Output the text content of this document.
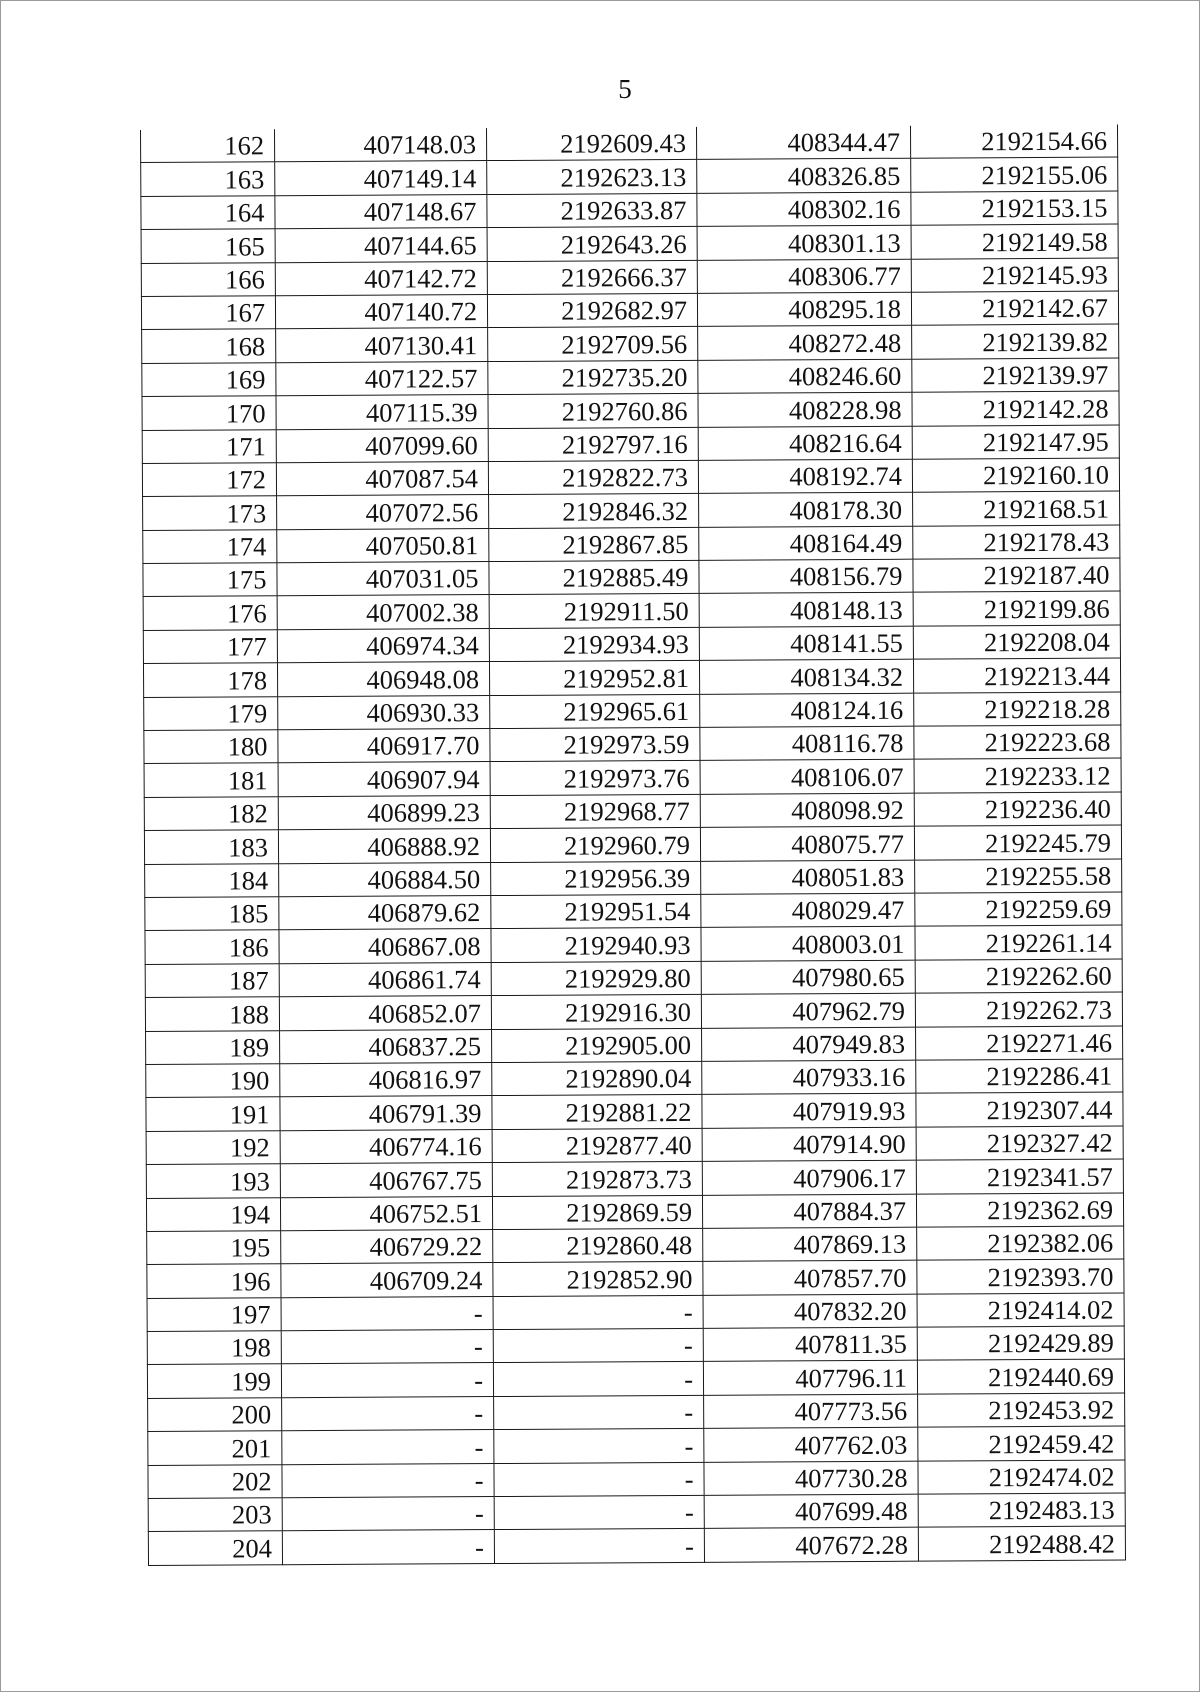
5
162	407148.03	2192609.43	408344.47	2192154.66
163	407149.14	2192623.13	408326.85	2192155.06
164	407148.67	2192633.87	408302.16	2192153.15
165	407144.65	2192643.26	408301.13	2192149.58
166	407142.72	2192666.37	408306.77	2192145.93
167	407140.72	2192682.97	408295.18	2192142.67
168	407130.41	2192709.56	408272.48	2192139.82
169	407122.57	2192735.20	408246.60	2192139.97
170	407115.39	2192760.86	408228.98	2192142.28
171	407099.60	2192797.16	408216.64	2192147.95
172	407087.54	2192822.73	408192.74	2192160.10
173	407072.56	2192846.32	408178.30	2192168.51
174	407050.81	2192867.85	408164.49	2192178.43
175	407031.05	2192885.49	408156.79	2192187.40
176	407002.38	2192911.50	408148.13	2192199.86
177	406974.34	2192934.93	408141.55	2192208.04
178	406948.08	2192952.81	408134.32	2192213.44
179	406930.33	2192965.61	408124.16	2192218.28
180	406917.70	2192973.59	408116.78	2192223.68
181	406907.94	2192973.76	408106.07	2192233.12
182	406899.23	2192968.77	408098.92	2192236.40
183	406888.92	2192960.79	408075.77	2192245.79
184	406884.50	2192956.39	408051.83	2192255.58
185	406879.62	2192951.54	408029.47	2192259.69
186	406867.08	2192940.93	408003.01	2192261.14
187	406861.74	2192929.80	407980.65	2192262.60
188	406852.07	2192916.30	407962.79	2192262.73
189	406837.25	2192905.00	407949.83	2192271.46
190	406816.97	2192890.04	407933.16	2192286.41
191	406791.39	2192881.22	407919.93	2192307.44
192	406774.16	2192877.40	407914.90	2192327.42
193	406767.75	2192873.73	407906.17	2192341.57
194	406752.51	2192869.59	407884.37	2192362.69
195	406729.22	2192860.48	407869.13	2192382.06
196	406709.24	2192852.90	407857.70	2192393.70
197	-	-	407832.20	2192414.02
198	-	-	407811.35	2192429.89
199	-	-	407796.11	2192440.69
200	-	-	407773.56	2192453.92
201	-	-	407762.03	2192459.42
202	-	-	407730.28	2192474.02
203	-	-	407699.48	2192483.13
204	-	-	407672.28	2192488.42
